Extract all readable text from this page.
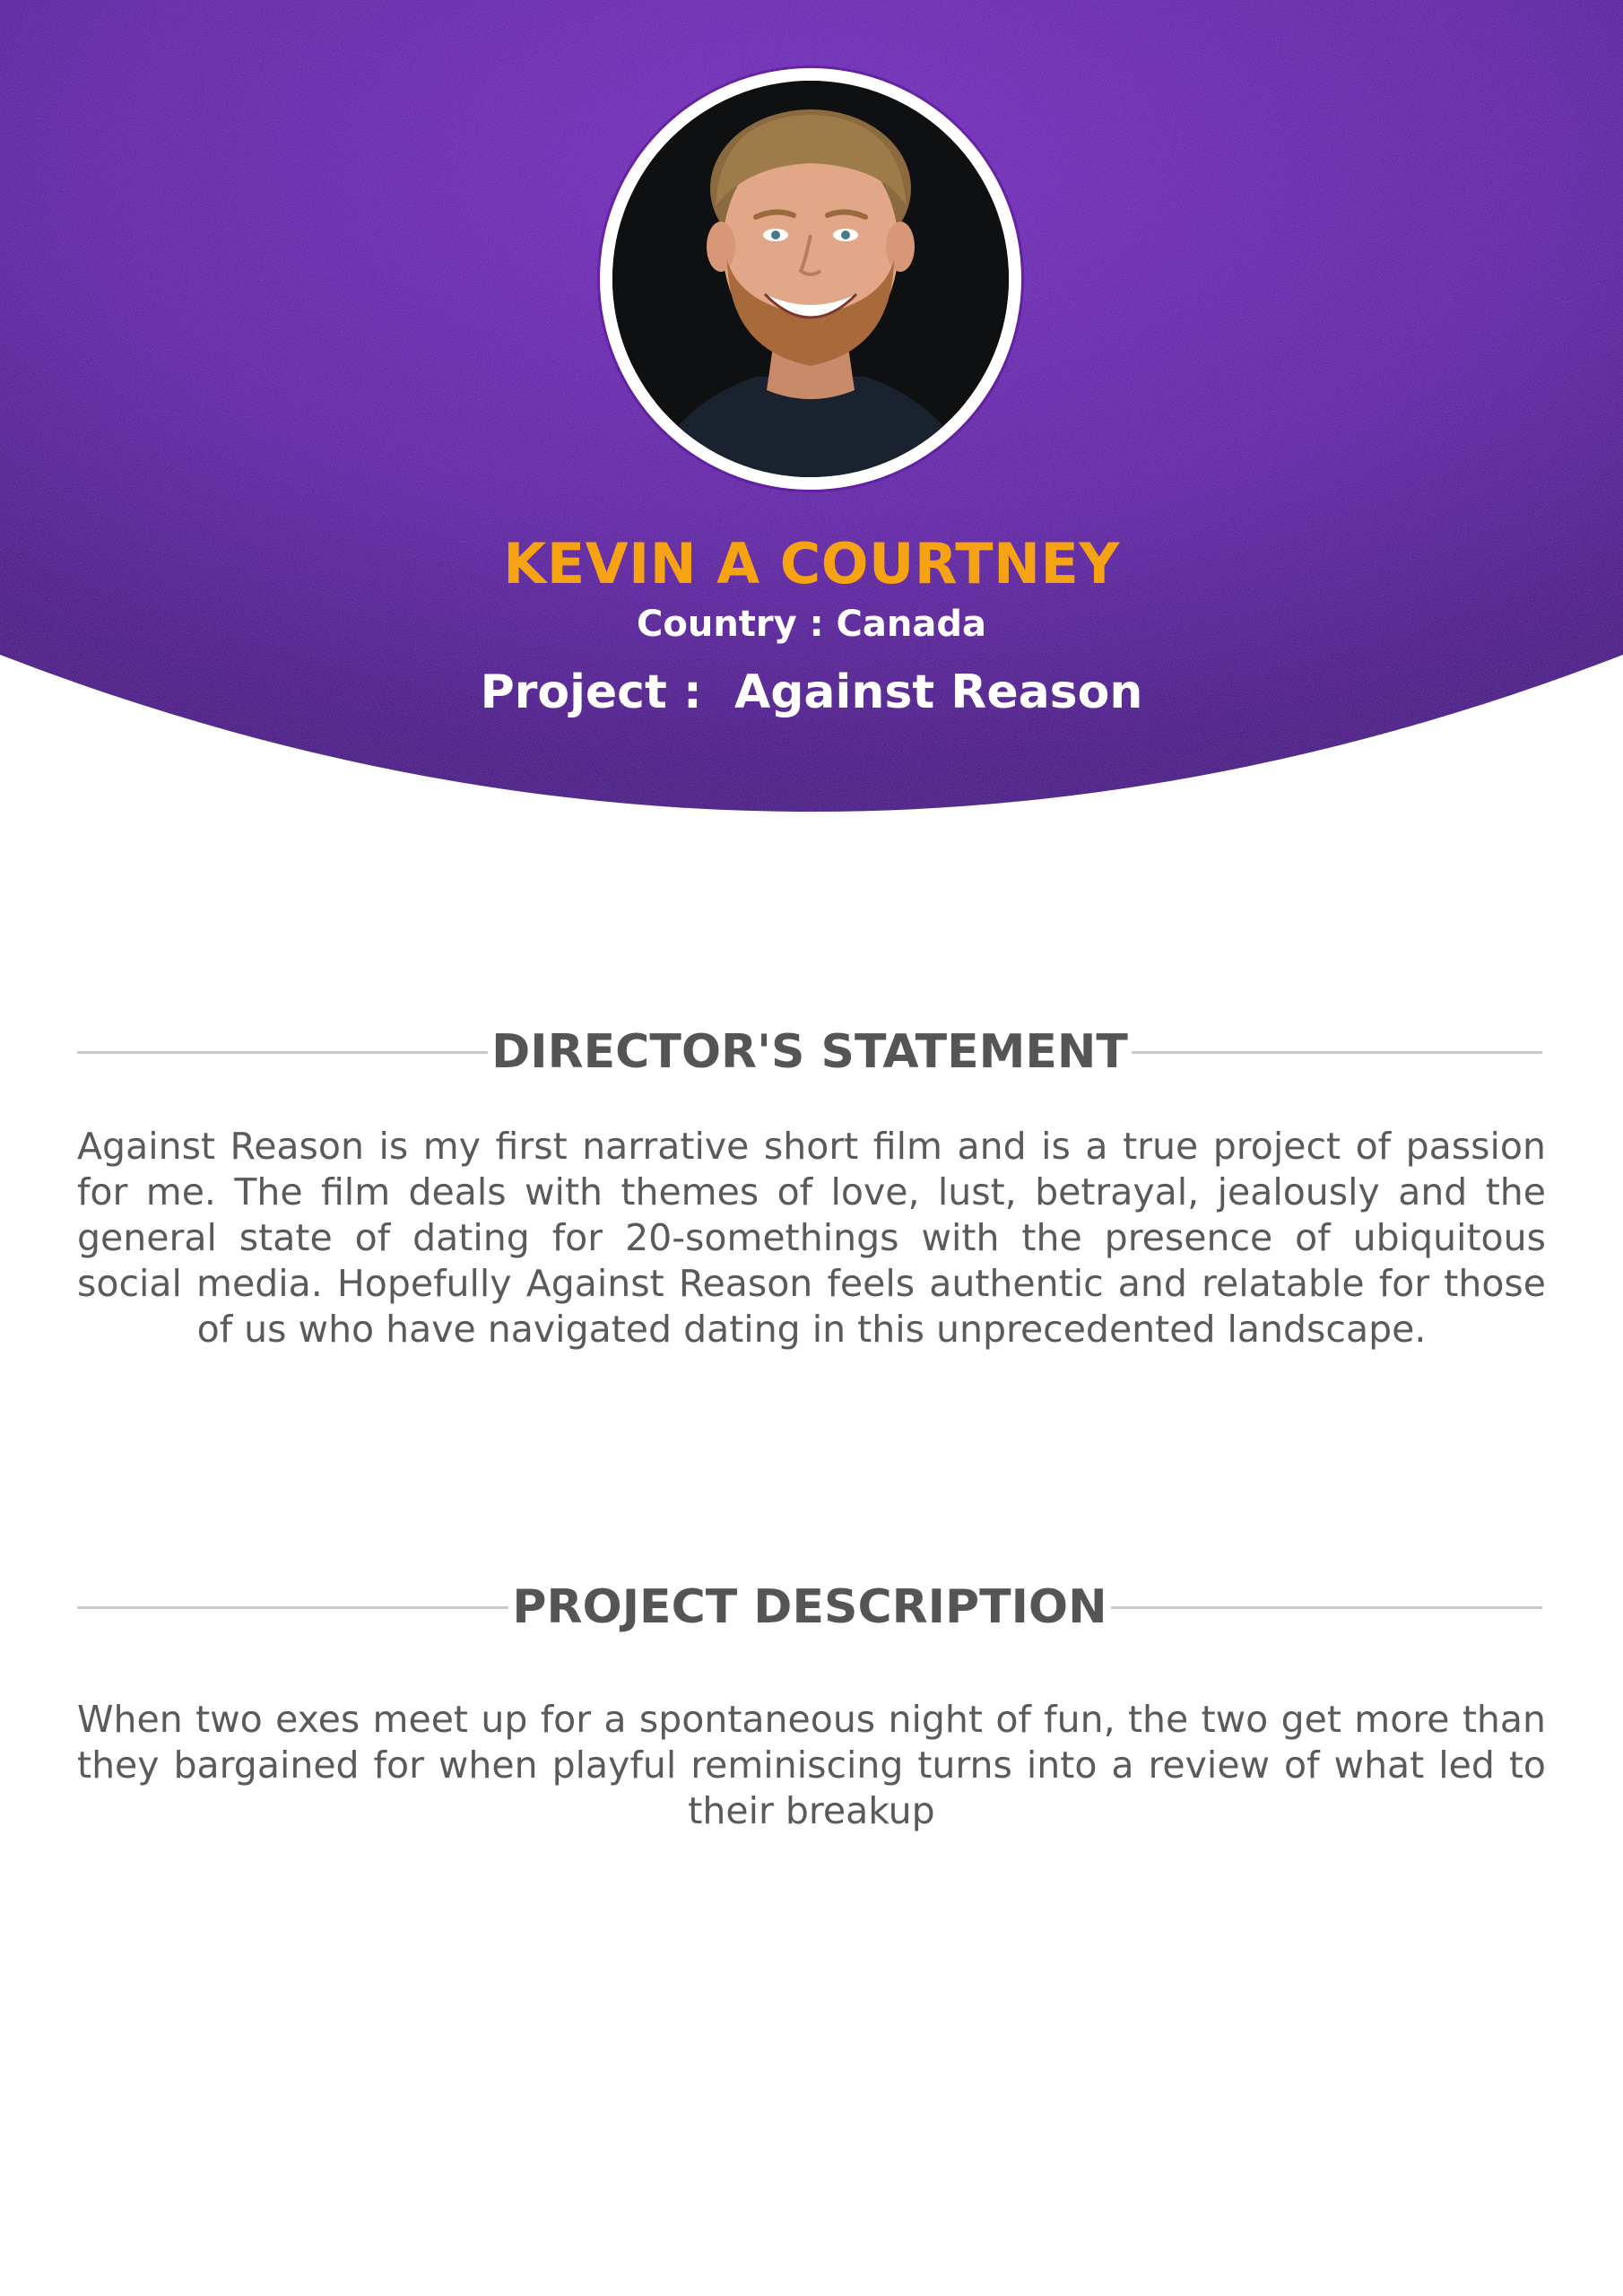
KEVIN A COURTNEY
Country : Canada
Project :  Against Reason
DIRECTOR'S STATEMENT
Against Reason is my first narrative short film and is a true project of passion for me. The film deals with themes of love, lust, betrayal, jealously and the general state of dating for 20-somethings with the presence of ubiquitous social media. Hopefully Against Reason feels authentic and relatable for those of us who have navigated dating in this unprecedented landscape.
PROJECT DESCRIPTION
When two exes meet up for a spontaneous night of fun, the two get more than they bargained for when playful reminiscing turns into a review of what led to their breakup
